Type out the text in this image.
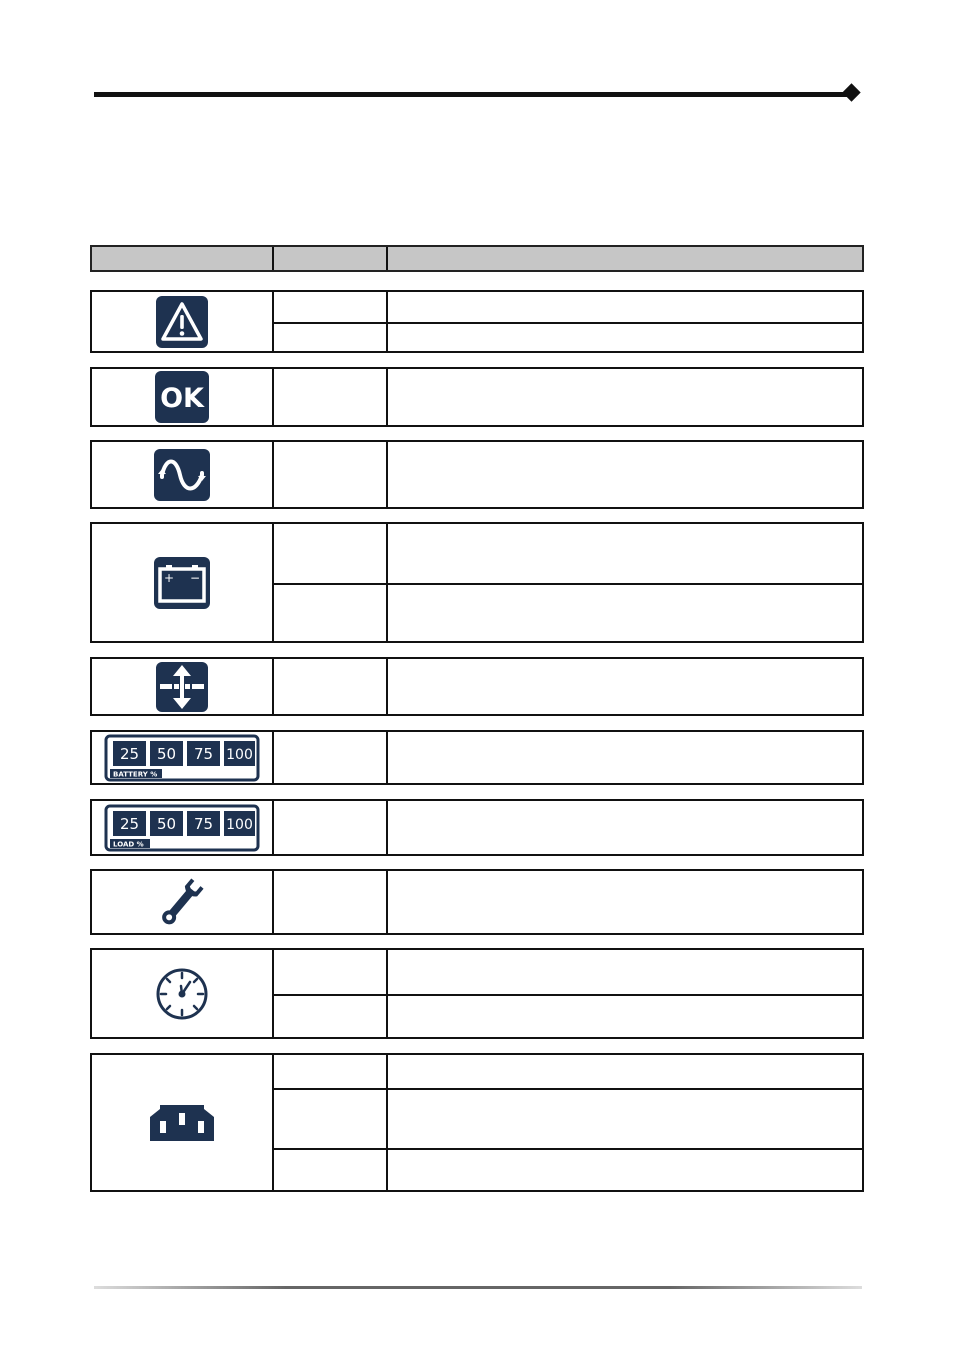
OK
+ −
25 50 75 100
BATTERY %
25 50 75 100
LOAD %
